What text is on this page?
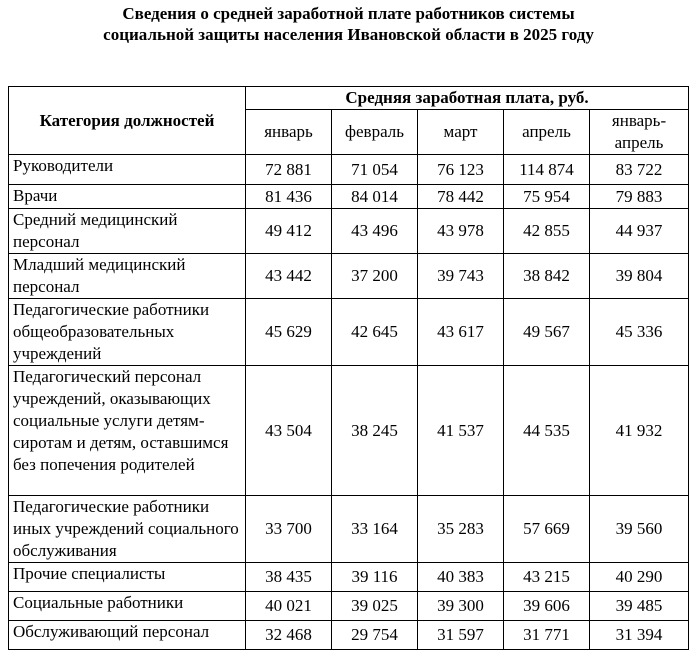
Сведения о средней заработной плате работников системы
социальной защиты населения Ивановской области в 2025 году
Категория должностей	Средняя заработная плата, руб.				
	январь	февраль	март	апрель	январь-
апрель
Руководители	72 881	71 054	76 123	114 874	83 722
Врачи	81 436	84 014	78 442	75 954	79 883
Средний медицинский персонал	49 412	43 496	43 978	42 855	44 937
Младший медицинский персонал	43 442	37 200	39 743	38 842	39 804
Педагогические работники общеобразовательных учреждений	45 629	42 645	43 617	49 567	45 336
Педагогический персонал учреждений, оказывающих социальные услуги детям-сиротам и детям, оставшимся без попечения родителей	43 504	38 245	41 537	44 535	41 932
Педагогические работники иных учреждений социального обслуживания	33 700	33 164	35 283	57 669	39 560
Прочие специалисты	38 435	39 116	40 383	43 215	40 290
Социальные работники	40 021	39 025	39 300	39 606	39 485
Обслуживающий персонал	32 468	29 754	31 597	31 771	31 394
